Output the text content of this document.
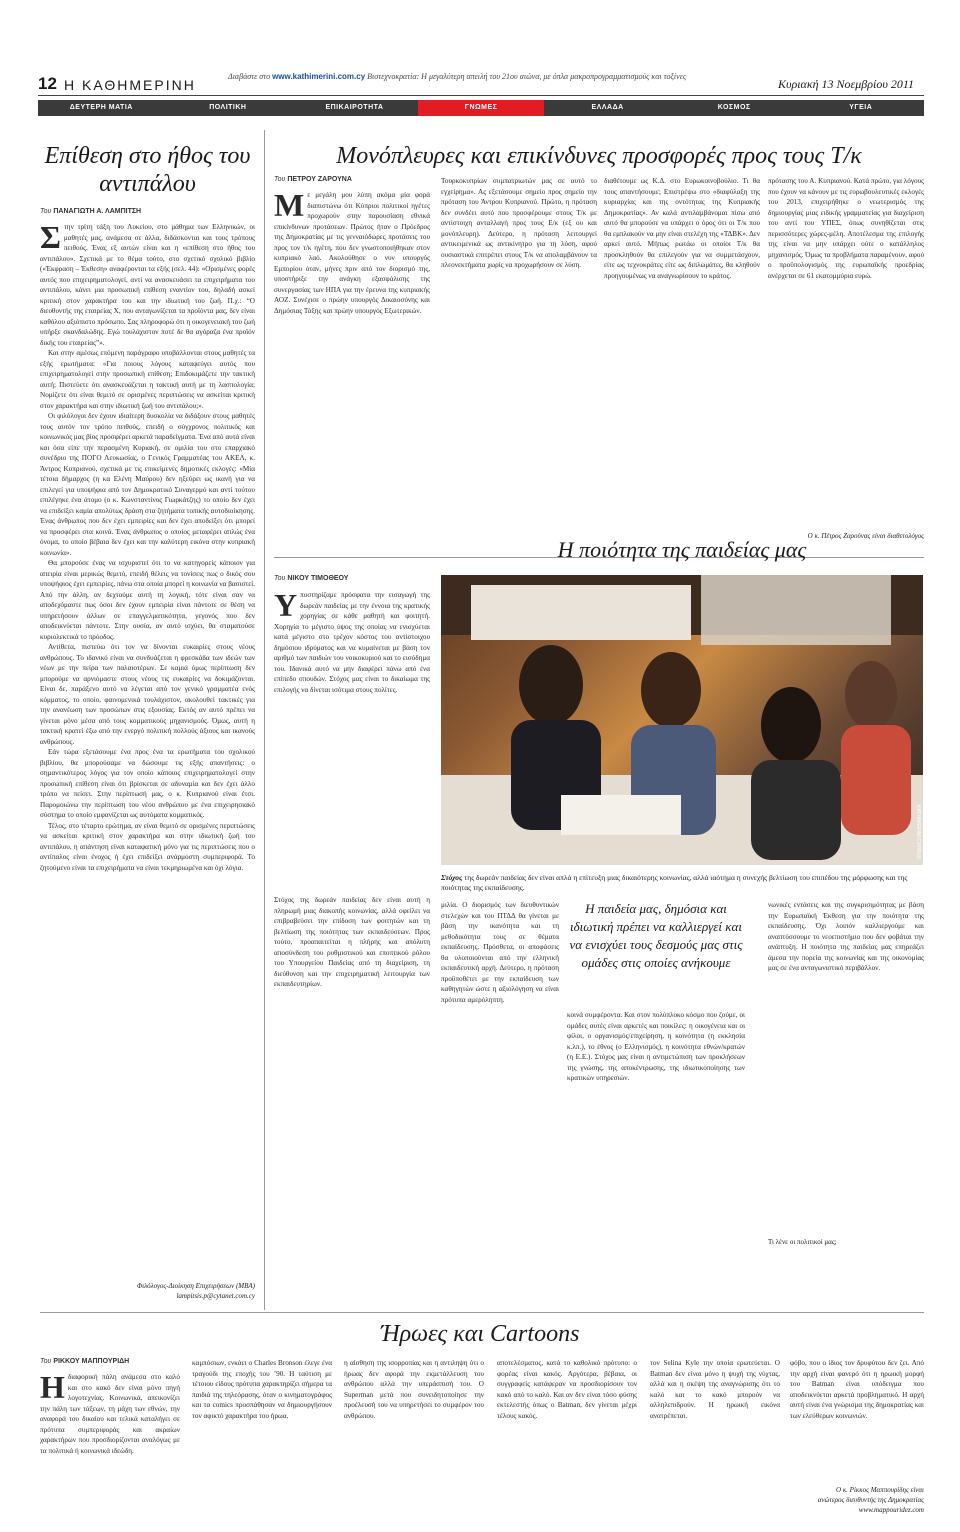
12 Η ΚΑΘΗΜΕΡΙΝΗ
Διαβάστε στο www.kathimerini.com.cy Βιοτεχνοκρατία: Η μεγαλύτερη απειλή του 21ου αιώνα, με όπλα μακροπρογραμματισμούς και τοξίνες
Κυριακή 13 Νοεμβρίου 2011
ΔΕΥΤΕΡΗ ΜΑΤΙΑ	ΠΟΛΙΤΙΚΗ	ΕΠΙΚΑΙΡΟΤΗΤΑ	ΓΝΩΜΕΣ	ΕΛΛΑΔΑ	ΚΟΣΜΟΣ	ΥΓΕΙΑ
Επίθεση στο ήθος του αντιπάλου
Του ΠΑΝΑΓΙΩΤΗ Α. ΛΑΜΠΙΤΣΗ
Σ την τρίτη τάξη του Λυκείου, στο μάθημα των Ελληνικών, οι μαθητές μας, ανάμεσα σε άλλα, διδάσκονται και τους τρόπους πειθούς. Ένας εξ αυτών είναι και η «επίθεση στο ήθος του αντιπάλου». Σχετικά με το θέμα τούτο, στο σχετικό σχολικό βιβλίο («Έκφραση – Έκθεση» αναφέρονται τα εξής (σελ. 44): «Ορισμένες φορές αυτός που επιχειρηματολογεί, αντί να ανασκευάσει τα επιχειρήματα του αντιπάλου, κάνει μια προσωπική επίθεση εναντίον του, δηλαδή ασκεί κριτική στον χαρακτήρα του και την ιδιωτική του ζωή. Π.χ.: “Ο διευθυντής της εταιρείας Χ, που ανταγωνίζεται τα προϊόντα μας, δεν είναι καθόλου αξιόπιστο πρόσωπο. Σας πληροφορώ ότι η οικογενειακή του ζωή υπήρξε σκανδαλώδης. Εγώ τουλάχιστον ποτέ δε θα αγόραζα ένα προϊόν δικής του εταιρείας”».

Και στην αμέσως επόμενη παράγραφο υποβάλλονται στους μαθητές τα εξής ερωτήματα: «Για ποιους λόγους καταφεύγει αυτός που επιχειρηματολογεί στην προσωπική επίθεση; Επιδοκιμάζετε την τακτική αυτή; Πιστεύετε ότι ανασκευάζεται η τακτική αυτή με τη λασπολογία; Νομίζετε ότι είναι θεμιτό σε ορισμένες περιπτώσεις να ασκείται κριτική στον χαρακτήρα και στην ιδιωτική ζωή του αντιπάλου;».

Οι φιλόλογοι δεν έχουν ιδιαίτερη δυσκολία να διδάξουν στους μαθητές τους αυτόν τον τρόπο πειθούς, επειδή ο σύγχρονος πολιτικός και κοινωνικός μας βίος προσφέρει αρκετά παραδείγματα. Ένα από αυτά είναι και όσα είπε την περασμένη Κυριακή, σε ομιλία του στο επαρχιακό συνέδριο της ΠΟΓΟ Λευκωσίας, ο Γενικός Γραμματέας του ΑΚΕΛ, κ. Άντρος Κυπριανού, σχετικά με τις επικείμενες δημοτικές εκλογές: «Μία τέτοια δήμαρχος (η κα Ελένη Μαύρου) δεν ηξεύρει ως ικανή για να επιλεγεί για υποψήφια από τον Δημοκρατικό Συναγερμό και αντί τούτου επιλέγηκε ένα άτομο (ο κ. Κωνσταντίνος Γιωρκάτζης) το οποίο δεν έχει να επιδείξει καμία απολύτως δράση στα ζητήματα τοπικής αυτοδιοίκησης. Ένας άνθρωπος που δεν έχει εμπειρίες και δεν έχει αποδείξει ότι μπορεί να προσφέρει στα κοινά. Ένας άνθρωπος ο οποίος μεταφέρει απλώς ένα όνομα, το οποίο βέβαια δεν έχει και την καλύτερη εικόνα στην κυπριακή κοινωνία».

Θα μπορούσε ένας να ισχυριστεί ότι το να κατηγορείς κάποιον για απειρία είναι μερικώς θεμιτό, επειδή θέλεις να τονίσεις πως ο δικός σου υποψήφιος έχει εμπειρίες, πάνω στα οποία μπορεί η κοινωνία να βασιστεί. Από την άλλη, αν δεχτούμε αυτή τη λογική, τότε είναι σαν να αποδεχόμαστε πως όσοι δεν έχουν εμπειρία είναι πάντοτε σε θέση να υπηρετήσουν άλλων σε επαγγελματικότητα, γεγονός που δεν αποδεικνύεται πάντοτε. Στην ουσία, αν αυτό ισχύει, θα σταματούσε κυριολεκτικά το πρόοδος.

Αντίθετα, πιστεύω ότι τον να δίνονται ευκαιρίες στους νέους ανθρώπους. Το ιδανικό είναι να συνδυάζεται η φρεσκάδα των ιδεών των νέων με την πείρα των παλαιοτέρων. Σε καμιά όμως περίπτωση δεν μπορούμε να αρνιόμαστε στους νέους τις ευκαιρίες να δοκιμάζονται. Είναι δε, παράξενο αυτό να λέγεται από τον γενικό γραμματέα ενός κόμματος, το οποίο, φαινομενικά τουλάχιστον, ακολουθεί τακτικές για την ανανέωση των προσώπων στις εξουσίας. Εκτός αν αυτό πρέπει να γίνεται μόνο μέσα από τους κομματικούς μηχανισμούς. Όμως, αυτή η τακτική κρατεί έξω από την ενεργό πολιτική πολλούς άξιους και ικανούς ανθρώπους.

Εάν τώρα εξετάσουμε ένα προς ένα τα ερωτήματα του σχολικού βιβλίου, θα μπορούσαμε να δώσουμε τις εξής απαντήσεις: ο σημαντικότερος λόγος για τον οποίο κάποιος επιχειρηματολογεί στην προσωπική επίθεση είναι ότι βρίσκεται σε αδυναμία και δεν έχει άλλο τρόπο να πείσει. Στην περίπτωσή μας, ο κ. Κυπριανού είναι έτσι. Παρομοιώνω την περίπτωση του νέου ανθρώπου με ένα επιχειρησιακό σύστημα το οποίο εμφανίζεται ως αυτόματα κομματικός.

Τέλος, στο τέταρτο ερώτημα, αν είναι θεμιτό σε ορισμένες περιπτώσεις να ασκείται κριτική στον χαρακτήρα και στην ιδιωτική ζωή του αντιπάλου, η απάντηση είναι καταφατική μόνο για τις περιπτώσεις που ο αντίπαλος είναι ένοχος ή έχει επιδείξει ανάρμοστη συμπεριφορά. Το ζητούμενο είναι τα επιχειρήματα να είναι τεκμηριωμένα και όχι λόγια.

Φιλόλογος-Διοίκηση Επιχειρήσεων (MBA)
lampitsis.p@cytanet.com.cy
Μονόπλευρες και επικίνδυνες προσφορές προς τους Τ/κ
Του ΠΕΤΡΟΥ ΖΑΡΟΥΝΑ
Με μεγάλη μου λύπη ακόμα μία φορά διαπιστώνω ότι Κύπριοι πολιτικοί ηγέτες προχωρούν στην παρουσίαση εθνικά επικίνδυνων προτάσεων. Πρώτος ήταν ο Πρόεδρος της Δημοκρατίας με τις γενναιόδωρες προτάσεις του προς τον τ/κ ηγέτη, που δεν γνωστοποιήθηκαν στον κυπριακό λαό. Ακολούθησε ο νυν υπουργός Εμπορίου όταν, μήνες πριν από τον διορισμό της, υποστήριξε την ανάγκη εξασφάλισης της συνεργασίας των ΗΠΑ για την έρευνα της κυπριακής ΑΟΖ. Συνέχισε ο πρώην υπουργός Δικαιοσύνης και Δημόσιας Τάξης και πρώην υπουργός Εξωτερικών.
Τουρκοκυπρίων συμπατριωτών μας σε αυτό το εγχείρημα». Ας εξετάσουμε σημείο προς σημείο την πρόταση του Άντρου Κυπριανού. Πρώτο, η πρόταση δεν συνδέει αυτό που προσφέρουμε στους Τ/κ με αντίστοιχη ανταλλαγή προς τους Ε/κ (εξ ου και μονόπλευρη). Δεύτερο, η πρόταση λειτουργεί αντικειμενικά ως αντικίνητρο για τη λύση, αφού ουσιαστικά επιτρέπει στους Τ/κ να απολαμβάνουν τα πλεονεκτήματα χωρίς να προχωρήσουν σε λύση.
διαθέτουμε ως Κ.Δ. στο Ευρωκοινοβούλιο. Τι θα τους απαντήσουμε; Επιστρέψω στο «διαφύλαξη της κυριαρχίας και της οντότητας της Κυπριακής Δημοκρατίας». Αν καλά αντιλαμβάνομαι πίσω από αυτό θα μπορούσε να υπάρχει ο όρος ότι οι Τ/κ που θα εμπλακούν να μην είναι στελέχη της «ΤΔΒΚ». Δεν αρκεί αυτό. Μήπως ρωτάω οι οποίοι Τ/κ θα προσκληθούν θα επιλεγούν για να συμμετάσχουν, είτε ως τεχνοκράτες είτε ως διπλωμάτες, θα κληθούν προηγουμένως να αναγνωρίσουν το κράτος.
πρότασης του Α. Κυπριανού. Κατά πρώτο, για λόγους που έχουν να κάνουν με τις ευρωβουλευτικές εκλογές του 2013, επιχειρήθηκε ο νεωτερισμός της δημιουργίας μιας ειδικής γραμματείας για διαχείριση του αντί του ΥΠΕΣ, όπως συνηθίζεται στις περισσότερες χώρες-μέλη. Αποτέλεσμα της επιλογής της είναι να μην υπάρχει ούτε ο κατάλληλος μηχανισμός. Όμως τα προβλήματα παραμένουν, αφού ο προϋπολογισμός της ευρωπαϊκής προεδρίας ανέρχεται σε 61 εκατομμύρια ευρώ.
Ο κ. Πέτρος Ζαρούνας είναι διαθετολόγος
Η ποιότητα της παιδείας μας
Του ΝΙΚΟΥ ΤΙΜΟΘΕΟΥ
Υποστηρίζαμε πρόσφατα την εισαγωγή της δωρεάν παιδείας με την έννοια της κρατικής χορηγίας σε κάθε μαθητή και φοιτητή. Χορηγία το μέγιστο ύψος της οποίας να ενισχύεται κατά μέγιστο στο τρέχον κόστος του αντίστοιχου δημόσιου ιδρύματος και να κυμαίνεται με βάση τον αριθμό των παιδιών του νοικοκυριού και το εισόδημα του. Ιδανικά αυτό να μην διαφέρει πάνω από ένα επίπεδο σπουδών. Στόχος μας είναι το δικαίωμα της επιλογής να δίνεται ισότιμα στους πολίτες.
Στόχος της δωρεάν παιδείας δεν είναι αυτή η πληρωμή μιας διακοπής κοινωνίας, αλλά οφείλει να επιβραβεύσει την επίδοση των φοιτητών και τη βελτίωση της ποιότητας των εκπαιδεύσεων. Προς τούτο, προαπαιτείται η πλήρης και απόλυτη αποσύνδεση του ρυθμιστικού και εποπτικού ρόλου του Υπουργείου Παιδείας από τη διαχείριση, τη διεύθυνση και την επιχειρηματική λειτουργία των εκπαιδευτηρίων.
KATHIMERINI CYPRUS
Στόχος της δωρεάν παιδείας δεν είναι απλά η επίτευξη μιας δικαιότερης κοινωνίας, αλλά ιαότημα η συνεχής βελτίωση του επιπέδου της μόρφωσης και της ποιότητας της εκπαίδευσης.
μιλία. Ο διορισμός των διευθυντικών στελεχών και του ΠΤΔΔ θα γίνεται με βάση την ικανότητα και τη μεθοδικότητα τους σε θέματα εκπαίδευσης. Πρόσθετα, οι αποφάσεις θα υλοποιούνται από την ελληνική εκπαιδευτική αρχή. Δεύτερο, η πρόταση προϋποθέτει με την εκπαίδευση των καθηγητών ώστε η αξιολόγηση να είναι πρότυπα αμερόληπτη.
Η παιδεία μας, δημόσια και ιδιωτική πρέπει να καλλιεργεί και να ενισχύει τους δεσμούς μας στις ομάδες στις οποίες ανήκουμε
κοινά συμφέροντα. Και στον πολύπλοκο κόσμο που ζούμε, οι ομάδες αυτές είναι αρκετές και ποικίλες: η οικογένεια και οι φίλοι, ο οργανισμός/επιχείρηση, η κοινότητα (η εκκλησία κ.λπ.), το έθνος (ο Ελληνισμός), η κοινότητα εθνών/κρατών (η Ε.Ε.). Στόχος μας είναι η αντιμετώπιση των προκλήσεων της γνώσης, της αποκέντρωσης, της ιδιωτικοποίησης των κρατικών υπηρεσιών.
νωνικές εντάσεις και της συγκρισιμότητας με βάση την Ευρωπαϊκή Έκθεση για την ποιότητα της εκπαίδευσης. Όχι λοιπόν καλλιεργούμε και αναπτύσσουμε το νεοεπιστήμιο που δεν φοβάται την ανάπτυξη. Η ποιότητα της παιδείας μας επηρεάζει άμεσα την πορεία της κοινωνίας και της οικονομίας μας σε ένα ανταγωνιστικό περιβάλλον.
Τι λένε οι πολιτικοί μας;
Ήρωες και Cartoons
Του ΡΙΚΚΟΥ ΜΑΠΠΟΥΡΙΔΗ
Ηδιαφορική πάλη ανάμεσα στο καλό και στο κακό δεν είναι μόνο πηγή λογοτεχνίας. Κοινωνικά, απεικονίζει την πάλη των τάξεων, τη μάχη των εθνών, την αναφορά του δικαίου και τελικά καταλήγει σε πρότυπα συμπεριφοράς και ακραίων χαρακτήρων που προσδιορίζονται αναλόγως με τα πολιτικά ή κοινωνικά ιδεώδη.
καμπόσιων, ενκάει ο Charles Bronson έλεγε ένα τραγούδι της εποχής του ’90. Η ταύτιση με τέτοιου είδους πρότυπα χαρακτηρίζει σήμερα τα παιδιά της τηλεόρασης, όταν ο κινηματογράφος και τα comics προσπάθησαν να δημιουργήσουν τον αφικτό χαρακτήρα του ήρωα.
η αίσθηση της ισορροπίας και η αντιληψη ότι ο ήρωας δεν αφορά την εκμετάλλευση του ανθρώπου αλλά την υπεράσπισή του. Ο Superman μετά που συνειδητοποίησε την προέλευσή του να υπηρετήσει το συμφέρον του ανθρώπου.
αποτελέσματος, κατά το καθολικό πρότυπο: ο φορέας είναι κακός. Αργότερα, βέβαια, οι συγγραφείς κατάφεραν να προσδιορίσουν τον κακό από το καλό. Και αν δεν είναι τόσο φύσης εκτελεστής όπως ο Batman, δεν γίνεται μέχρι τέλους κακός.
τον Selina Kyle την οποία ερωτεύεται. Ο Batman δεν είναι μόνο η ψυχή της νύχτας, αλλά και η σκέψη της αναγνώρισης ότι το καλό και το κακό μπορούν να αλληλεπιδρούν. Η ηρωική εικόνα ανατρέπεται.
φόβο, που ο ίδιος τον δρυφύτου δεν ζει. Από την αρχή είναι φανερό ότι η ηρωική μορφή του Batman είναι υπόδειγμα που αποδεικνύεται αρκετά προβληματικό. Η αρχή αυτή είναι ένα γνώρισμα της δημοκρατίας και των ελεύθερων κοινωνιών.
Ο κ. Ρίκκος Μαππουρίδης είναι
ανώτερος διευθυντής της Δημοκρατίας
www.mappouridez.com
